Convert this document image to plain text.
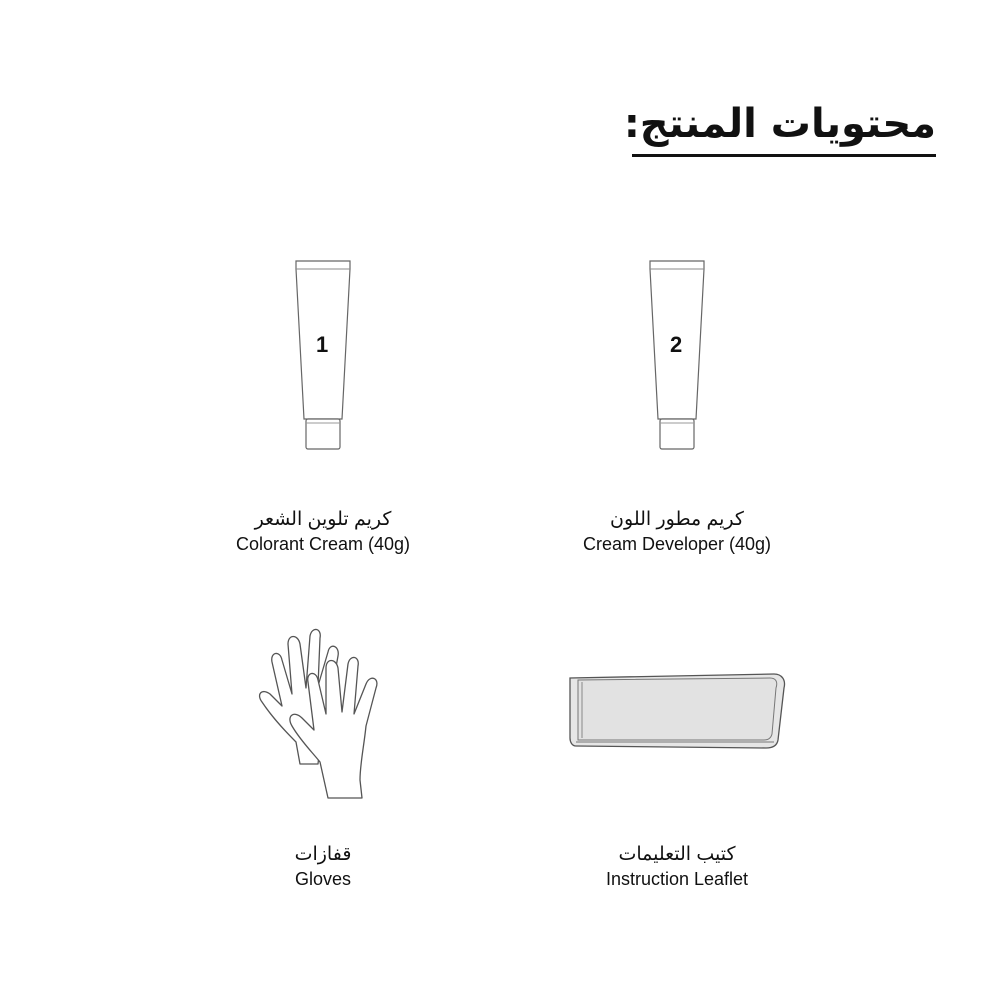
محتويات المنتج:
1
كريم تلوين الشعر
Colorant Cream (40g)
2
كريم مطور اللون
Cream Developer (40g)
قفازات
Gloves
كتيب التعليمات
Instruction Leaflet
